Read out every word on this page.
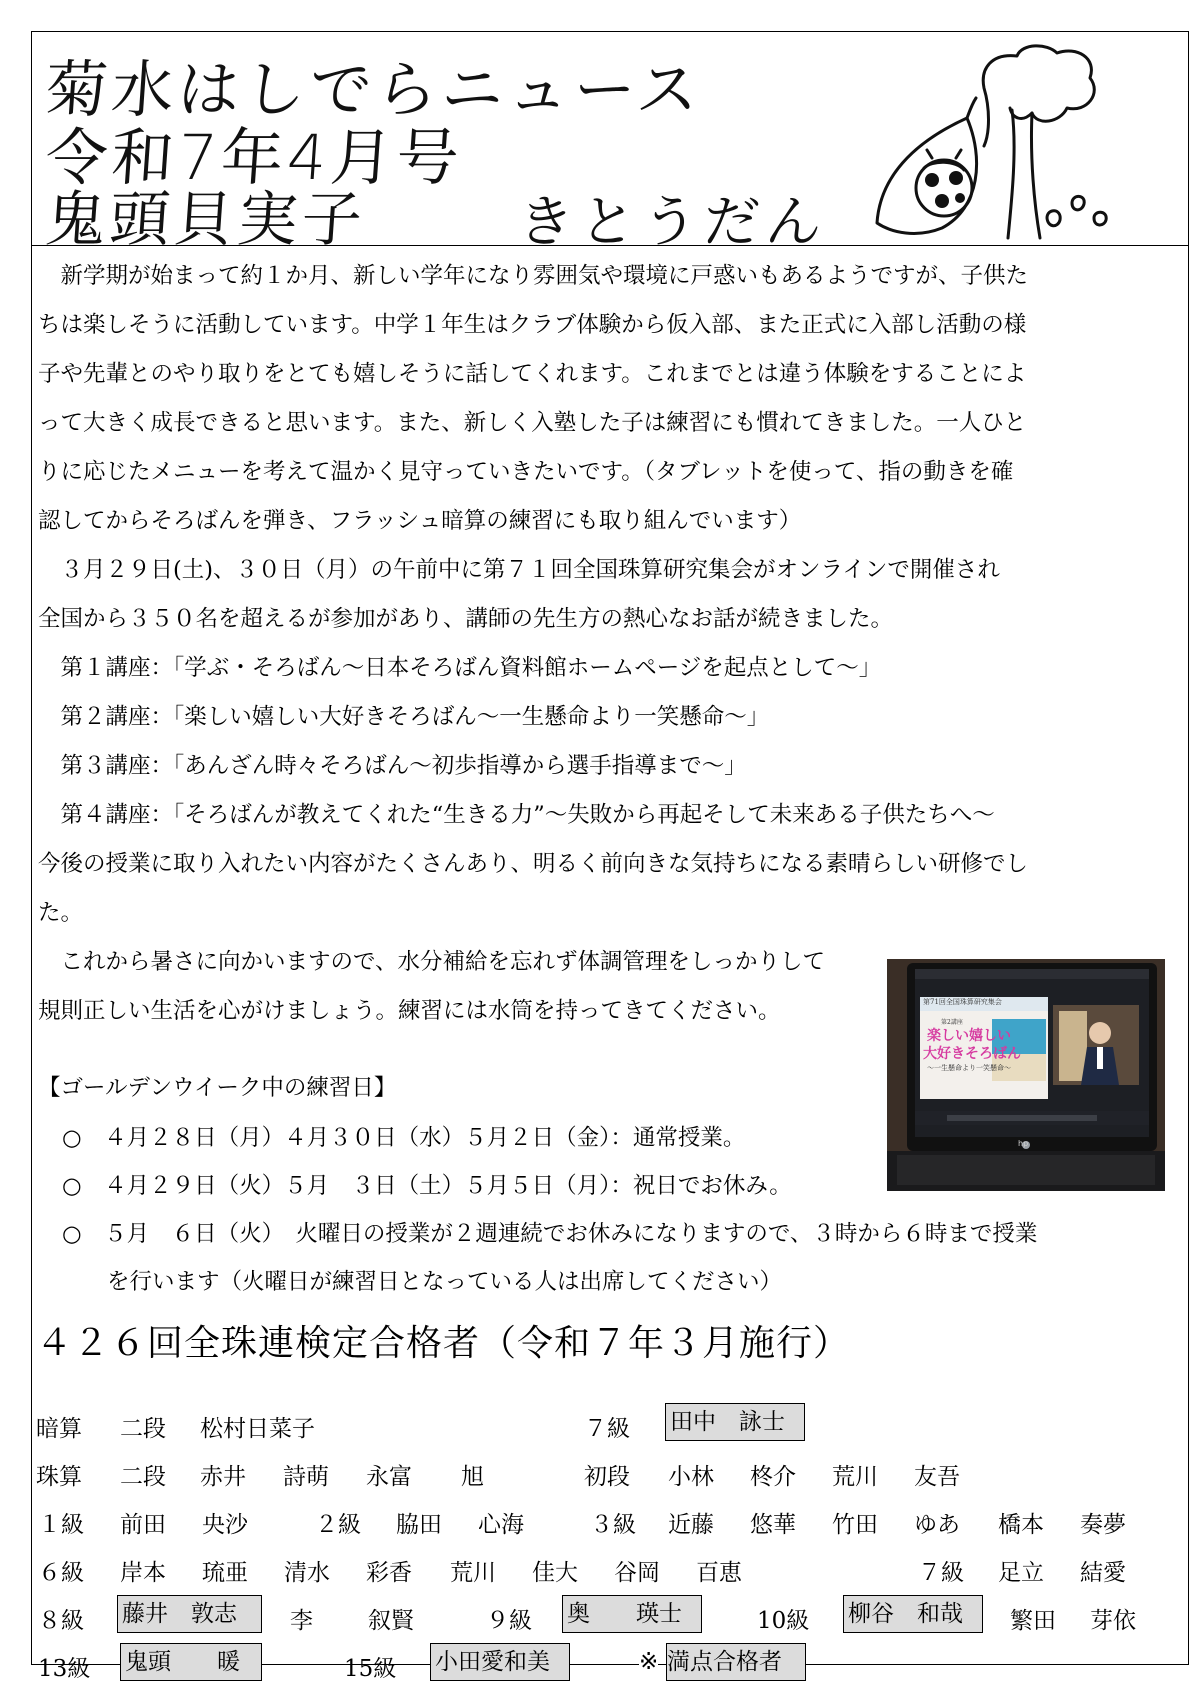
菊水はしでらニュース
令和7年4月号
鬼頭貝実子	きとうだん
　新学期が始まって約１か月、新しい学年になり雰囲気や環境に戸惑いもあるようですが、子供た
ちは楽しそうに活動しています。中学１年生はクラブ体験から仮入部、また正式に入部し活動の様
子や先輩とのやり取りをとても嬉しそうに話してくれます。これまでとは違う体験をすることによ
って大きく成長できると思います。また、新しく入塾した子は練習にも慣れてきました。一人ひと
りに応じたメニューを考えて温かく見守っていきたいです。（タブレットを使って、指の動きを確
認してからそろばんを弾き、フラッシュ暗算の練習にも取り組んでいます）
　３月２９日(土)、３０日（月）の午前中に第７１回全国珠算研究集会がオンラインで開催され
全国から３５０名を超えるが参加があり、講師の先生方の熱心なお話が続きました。
　第１講座：「学ぶ・そろばん～日本そろばん資料館ホームページを起点として～」
　第２講座：「楽しい嬉しい大好きそろばん～一生懸命より一笑懸命～」
　第３講座：「あんざん時々そろばん～初歩指導から選手指導まで～」
　第４講座：「そろばんが教えてくれた“生きる力”～失敗から再起そして未来ある子供たちへ～
今後の授業に取り入れたい内容がたくさんあり、明るく前向きな気持ちになる素晴らしい研修でし
た。
　これから暑さに向かいますので、水分補給を忘れず体調管理をしっかりして
規則正しい生活を心がけましょう。練習には水筒を持ってきてください。	第71回全国珠算研究集会
第2講座
楽しい嬉しい
大好きそろばん
～一生懸命より一笑懸命～
hp
【ゴールデンウイーク中の練習日】
○　４月２８日（月）４月３０日（水）５月２日（金）：通常授業。
○　４月２９日（火）５月　３日（土）５月５日（月）：祝日でお休み。
○　５月　６日（火）　火曜日の授業が２週連続でお休みになりますので、３時から６時まで授業
　　を行います（火曜日が練習日となっている人は出席してください）
４２６回全珠連検定合格者（令和７年３月施行）
暗算 二段 松村日菜子	７級 田中　詠士
珠算 二段 赤井 詩萌 永富 旭	初段 小林 柊介 荒川 友吾
１級 前田 央沙	２級 脇田 心海	３級 近藤 悠華 竹田 ゆあ 橋本 奏夢
６級 岸本 琉亜 清水 彩香 荒川 佳大 谷岡 百恵	７級 足立 結愛
８級 藤井　敦志	李 叙賢	９級 奥　　瑛士	10級 柳谷　和哉	繁田 芽依
13級 鬼頭　　暖	15級 小田愛和美	※ 満点合格者
